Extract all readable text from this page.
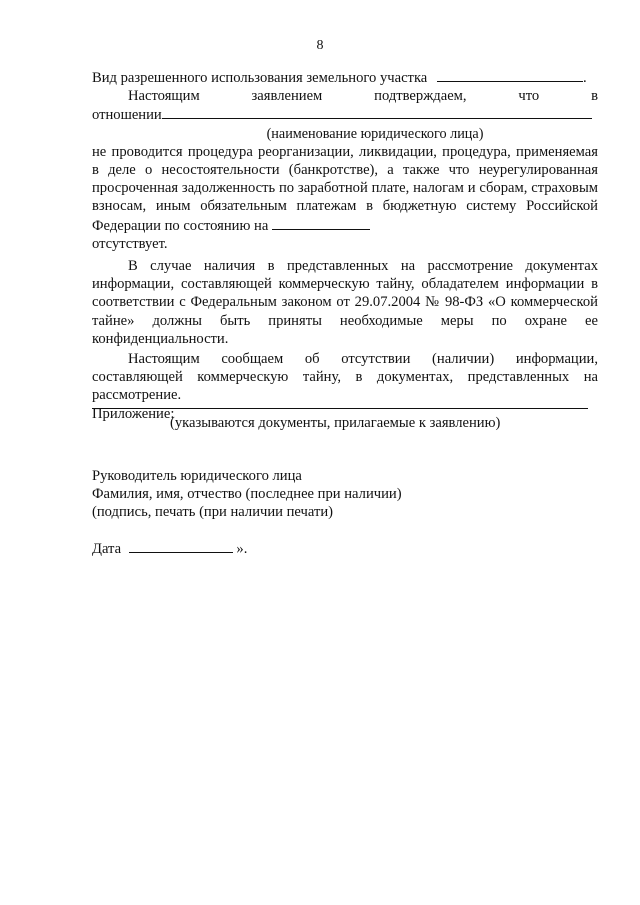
8
Вид разрешенного использования земельного участка	.
Настоящим	заявлением	подтверждаем,	что	в
отношении
(наименование юридического лица)
не проводится процедура реорганизации, ликвидации, процедура, применяемая в деле о несостоятельности (банкротстве), а также что неурегулированная просроченная задолженность по заработной плате, налогам и сборам, страховым взносам, иным обязательным платежам в бюджетную систему Российской Федерации по состоянию на
отсутствует.
В случае наличия в представленных на рассмотрение документах информации, составляющей коммерческую тайну, обладателем информации в соответствии с Федеральным законом от 29.07.2004 № 98-ФЗ «О коммерческой тайне» должны быть приняты необходимые меры по охране ее конфиденциальности.
Настоящим сообщаем об отсутствии (наличии) информации, составляющей коммерческую тайну, в документах, представленных на рассмотрение.
Приложение:
(указываются документы, прилагаемые к заявлению)
Руководитель юридического лица
Фамилия, имя, отчество (последнее при наличии)
(подпись, печать (при наличии печати)
Дата	».
